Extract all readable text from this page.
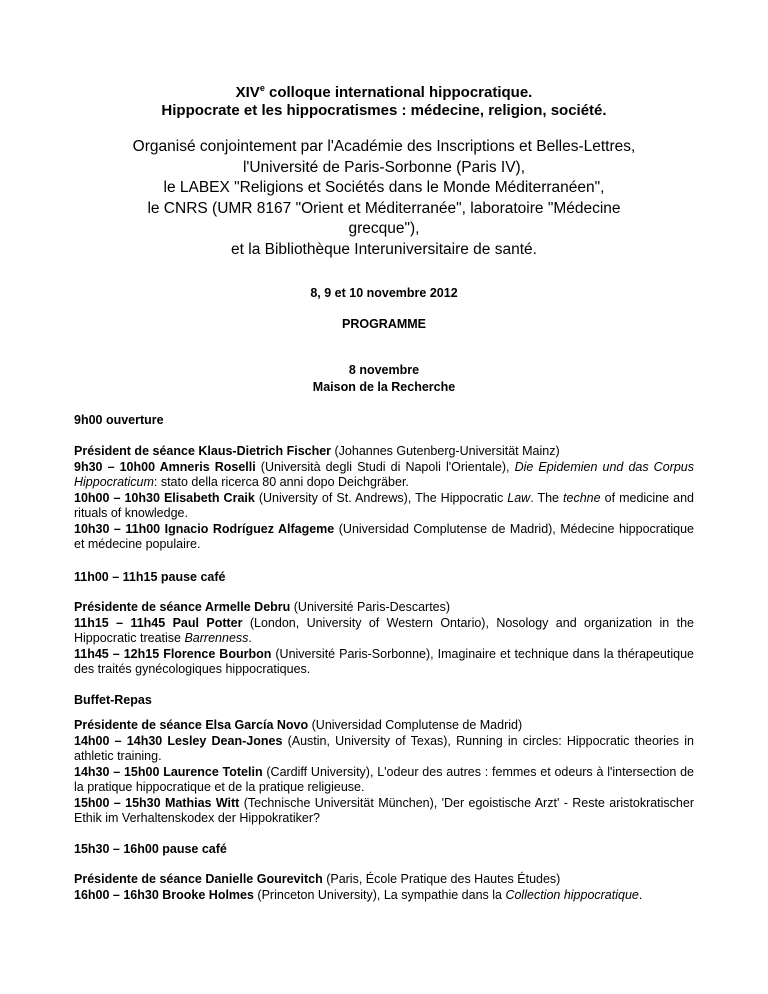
XIVe colloque international hippocratique.
Hippocrate et les hippocratismes : médecine, religion, société.
Organisé conjointement par l'Académie des Inscriptions et Belles-Lettres,
l'Université de Paris-Sorbonne (Paris IV),
le LABEX "Religions et Sociétés dans le Monde Méditerranéen",
le CNRS (UMR 8167 "Orient et Méditerranée", laboratoire "Médecine
grecque"),
et la Bibliothèque Interuniversitaire de santé.
8, 9 et 10 novembre 2012
PROGRAMME
8 novembre
Maison de la Recherche

9h00 ouverture

Président de séance Klaus-Dietrich Fischer (Johannes Gutenberg-Universität Mainz)

9h30 – 10h00 Amneris Roselli (Università degli Studi di Napoli l'Orientale), Die Epidemien und das Corpus Hippocraticum: stato della ricerca 80 anni dopo Deichgräber.

10h00 – 10h30 Elisabeth Craik (University of St. Andrews), The Hippocratic Law. The techne of medicine and rituals of knowledge.

10h30 – 11h00 Ignacio Rodríguez Alfageme (Universidad Complutense de Madrid), Médecine hippocratique et médecine populaire.

11h00 – 11h15 pause café

Présidente de séance Armelle Debru (Université Paris-Descartes)

11h15 – 11h45 Paul Potter (London, University of Western Ontario), Nosology and organization in the Hippocratic treatise Barrenness.

11h45 – 12h15 Florence Bourbon (Université Paris-Sorbonne), Imaginaire et technique dans la thérapeutique des traités gynécologiques hippocratiques.

Buffet-Repas

Présidente de séance Elsa García Novo (Universidad Complutense de Madrid)

14h00 – 14h30 Lesley Dean-Jones (Austin, University of Texas), Running in circles: Hippocratic theories in athletic training.

14h30 – 15h00 Laurence Totelin (Cardiff University), L'odeur des autres : femmes et odeurs à l'intersection de la pratique hippocratique et de la pratique religieuse.

15h00 – 15h30 Mathias Witt (Technische Universität München), 'Der egoistische Arzt' - Reste aristokratischer Ethik im Verhaltenskodex der Hippokratiker?

15h30 – 16h00 pause café

Présidente de séance Danielle Gourevitch (Paris, École Pratique des Hautes Études)

16h00 – 16h30 Brooke Holmes (Princeton University), La sympathie dans la Collection hippocratique.
